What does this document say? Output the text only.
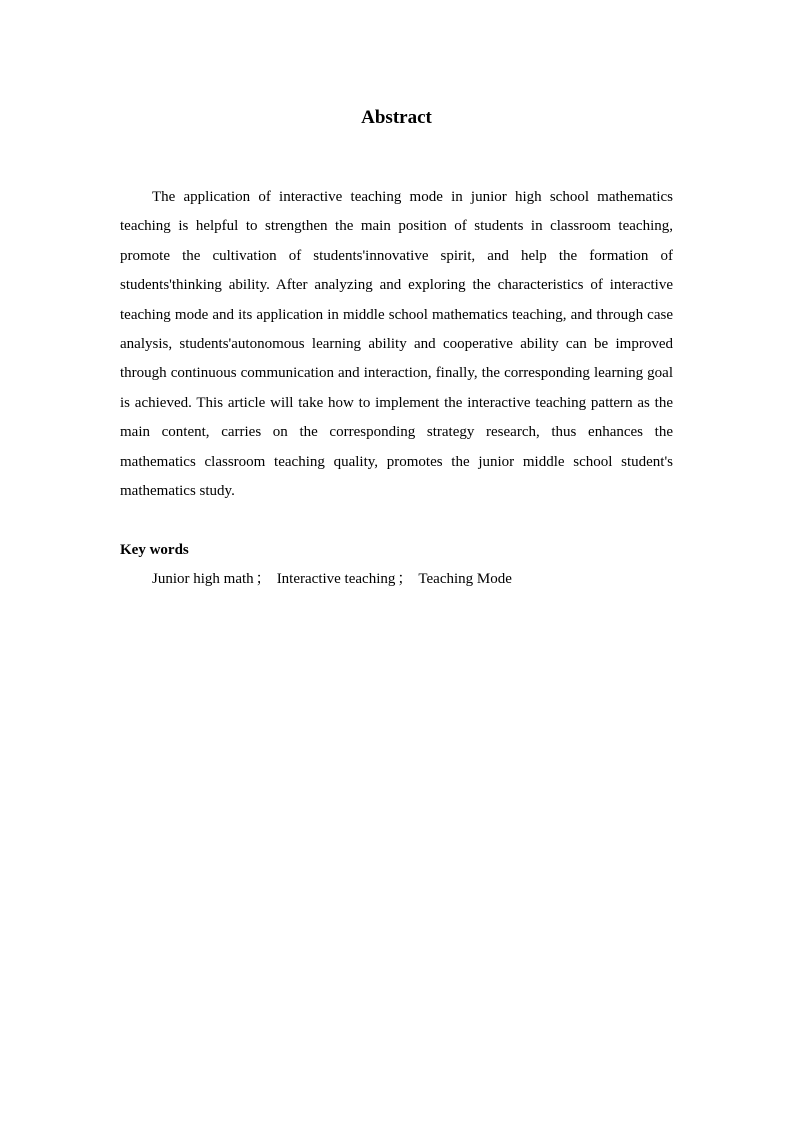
Abstract

The application of interactive teaching mode in junior high school mathematics teaching is helpful to strengthen the main position of students in classroom teaching, promote the cultivation of students'innovative spirit, and help the formation of students'thinking ability. After analyzing and exploring the characteristics of interactive teaching mode and its application in middle school mathematics teaching, and through case analysis, students'autonomous learning ability and cooperative ability can be improved through continuous communication and interaction, finally, the corresponding learning goal is achieved. This article will take how to implement the interactive teaching pattern as the main content, carries on the corresponding strategy research, thus enhances the mathematics classroom teaching quality, promotes the junior middle school student's mathematics study.

Key words

Junior high math ； Interactive teaching ； Teaching Mode
